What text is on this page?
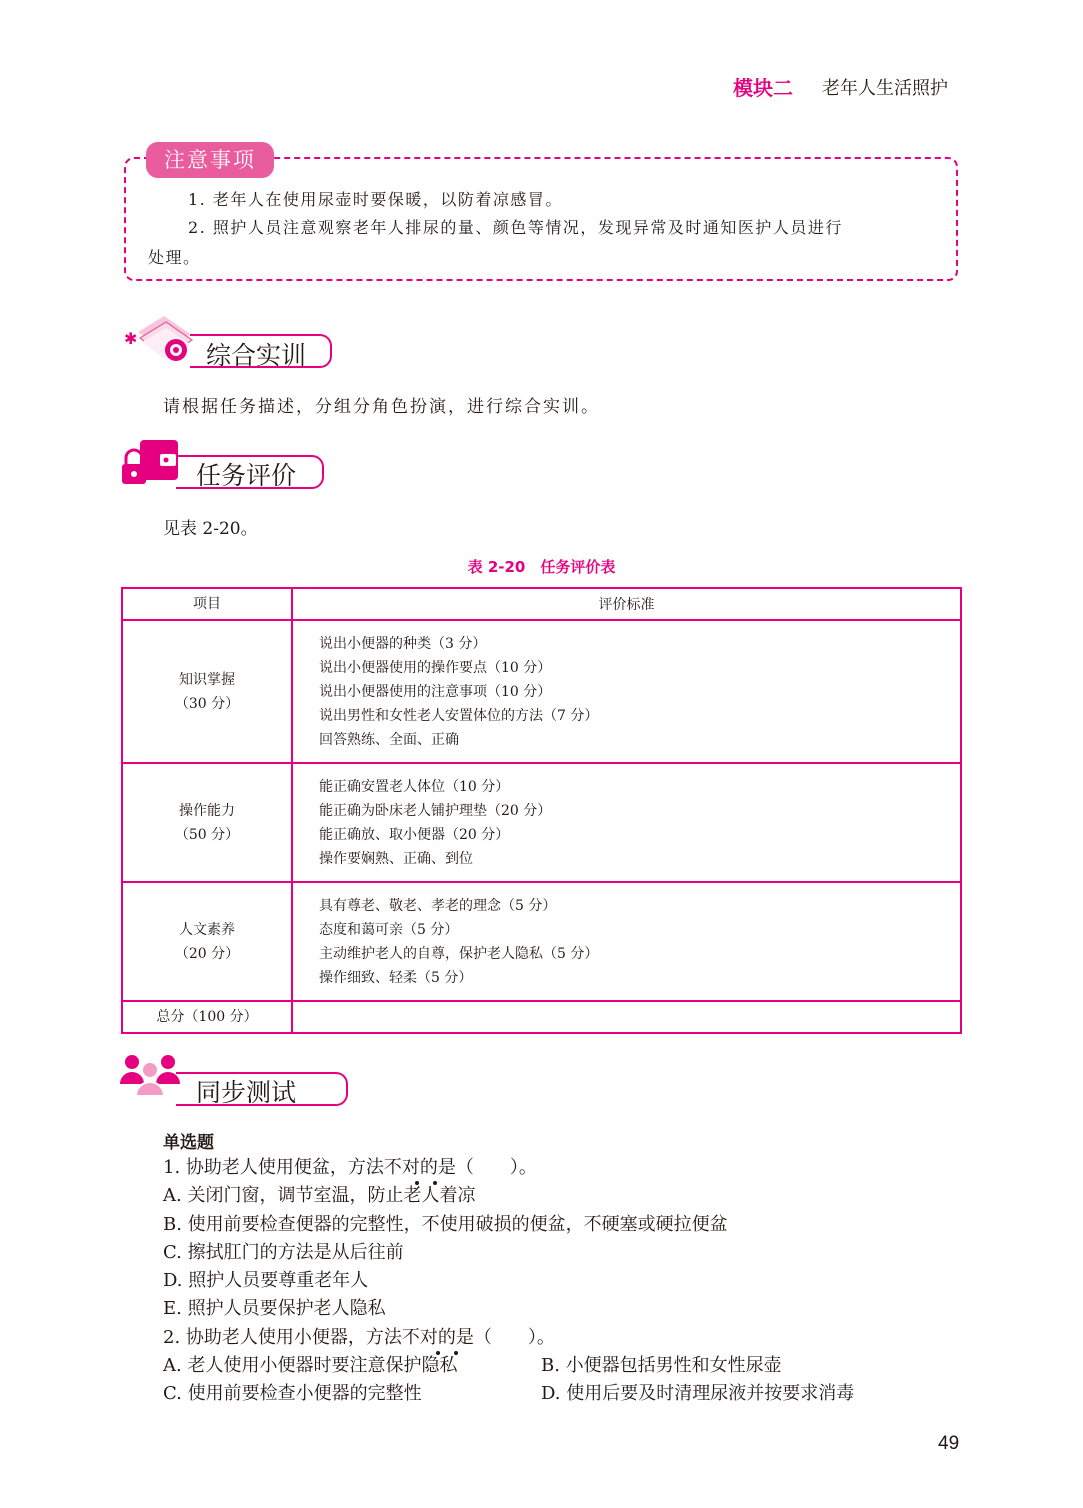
模块二 老年人生活照护
注意事项
1. 老年人在使用尿壶时要保暖，以防着凉感冒。
2. 照护人员注意观察老年人排尿的量、颜色等情况，发现异常及时通知医护人员进行
处理。
✱
综合实训
请根据任务描述，分组分角色扮演，进行综合实训。
任务评价
见表 2-20。
表 2-20　任务评价表
项目	评价标准

知识掌握
（30 分）	说出小便器的种类（3 分）
说出小便器使用的操作要点（10 分）
说出小便器使用的注意事项（10 分）
说出男性和女性老人安置体位的方法（7 分）
回答熟练、全面、正确

操作能力
（50 分）	能正确安置老人体位（10 分）
能正确为卧床老人铺护理垫（20 分）
能正确放、取小便器（20 分）
操作要娴熟、正确、到位

人文素养
（20 分）	具有尊老、敬老、孝老的理念（5 分）
态度和蔼可亲（5 分）
主动维护老人的自尊，保护老人隐私（5 分）
操作细致、轻柔（5 分）

总分（100 分）	
同步测试
单选题
1. 协助老人使用便盆，方法不对的是（　　）。
A. 关闭门窗，调节室温，防止老人着凉
B. 使用前要检查便器的完整性，不使用破损的便盆，不硬塞或硬拉便盆
C. 擦拭肛门的方法是从后往前
D. 照护人员要尊重老年人
E. 照护人员要保护老人隐私
2. 协助老人使用小便器，方法不对的是（　　）。
A. 老人使用小便器时要注意保护隐私	B. 小便器包括男性和女性尿壶
C. 使用前要检查小便器的完整性	D. 使用后要及时清理尿液并按要求消毒
49
